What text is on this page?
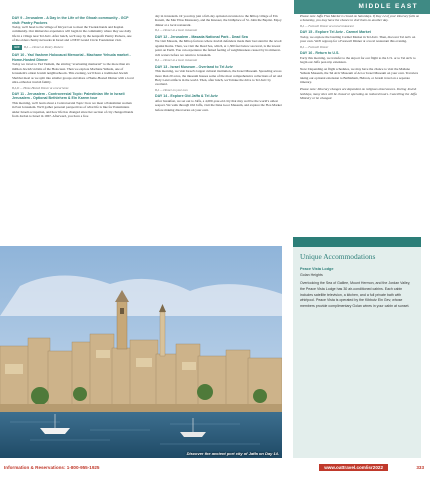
MIDDLE EAST
DAY 9 - Jerusalem - A Day in the Life of the Ghoah community - GCP visit: Pantry Packers

Today, we'll head to the village of Kiryat Gat to meet the Tzedek hands and Kaplan community. Our immersive experience will begin in the community where they see daily life in a village near Tel Aviv. After lunch, we'll stop by the nonprofit Pantry Packers, one of the oldest charity networks in Israel and a NEW Grand Circle Foundation visit.

GCF	B,L — Dinner at Pantry Packers
DAY 10 - Yad Vashem Holocaust Memorial - Machane Yehuda market - Home-Hosted Dinner

Today we travel to Yad Vashem, the stirring "everlasting memorial" to the more than six million Jewish victims of the Holocaust. Then we explore Machane Yehuda, one of Jerusalem's oldest Jewish neighborhoods. This evening, we'll have a traditional Jewish Shabbat meal as we split into smaller groups and share a Home-Hosted Dinner with a local ultra-orthodox Jewish family.

B,L,D — Home-Hosted Dinner at a local home
DAY 11 - Jerusalem - Controversial Topic: Palestinian life in Israeli Jerusalem - Optional Bethlehem & Ein Karem tour

This morning, we'll learn about a Controversial Topic: how we meet a Palestinian woman in East Jerusalem. We'll gather personal perspectives of what life is like for Palestinians under Israeli occupation, and how life has changed since her section of city changed hands from Jordan to Israel in 1967. Afterward, you have a free

day in Jerusalem. Or you may join a full-day optional excursion to the hilltop village of Ein Karem, the Mar Elias Monastery, and the Knesset, the birthplace of St. John the Baptist. Enjoy dinner at a local restaurant.

B,L — Dinner at a local restaurant
DAY 12 - Jerusalem - Masada National Park - Dead Sea

We visit Masada, the hilltop fortress where Jewish defenders made their last stand in the revolt against Rome. Then, we visit the Dead Sea, which, at 1,300 feet below sea level, is the lowest point on Earth. You can experience the famed feeling of weightlessness caused by its mineral-rich waters before we return to Jerusalem.

B,L — Dinner at a local restaurant
DAY 13 - Israel Museum - Overland to Tel Aviv

This morning, we visit Israel's largest cultural institution, the Israel Museum. Spreading across more than 20 acres, the museum houses some of the most comprehensive collections of art and Holy Land artifacts in the world. Then, after lunch, we'll make the drive to Tel Aviv by overland.

B,L — Dinner on your own
DAY 14 - Explore Old Jaffa & Tel Aviv

After breakfast, we set out to Jaffa, a 4,000-year-old city that may well be the world's oldest seaport. We walk through Old Jaffa, visit the Ilana Goor Museum, and explore the Flea Market before making discoveries on your own.

Please note Jaffa Flea Market is closed on Saturdays. If Day 14 of your itinerary falls on a Saturday, you may have the chance to visit them on another day.

B,L — Farewell Dinner at a local restaurant
DAY 15 - Explore Tel Aviv - Carmel Market

Today, we explore the bustling Carmel Market in Tel Aviv. Then, discover Tel Aviv on your own. We'll regroup for a Farewell Dinner at a local restaurant this evening.

B,L — Farewell Dinner
DAY 16 - Return to U.S.

Early this morning, we transfer to the airport for our flight to the U.S. or to Tel Aviv to begin our Jaffa post-trip extension.

Note: Depending on flight schedules, we may have the chance to visit the Mahane Yehuda Museum, the Tel Aviv Museum of Art or Israel Museum on your own. Travelers taking our optional extension to Bethlehem, Hebron, or Jerash travel on a separate itinerary.

Please note: Itinerary changes are dependent on religious observances. During Jewish holidays, many sites will be closed or operating on reduced hours. Cancelling the Jaffa Ministry or be changed.

Discover the ancient port city of Jaffa on Day 14.
Unique Accommodations
Peace Vista Lodge
Golan Heights
Overlooking the Sea of Galilee, Mount Hermon, and the Jordan Valley, the Peace Vista Lodge has 30 air-conditioned cabins. Each cabin includes satellite television, a kitchen, and a full private bath with whirlpool. Peace Vista is operated by the Kibbutz Ein Gev, whose members provide complimentary Golan wines in your cabin at sunset.
Information & Reservations: 1-800-955-1925	www.oattravel.com/isr2022	333
